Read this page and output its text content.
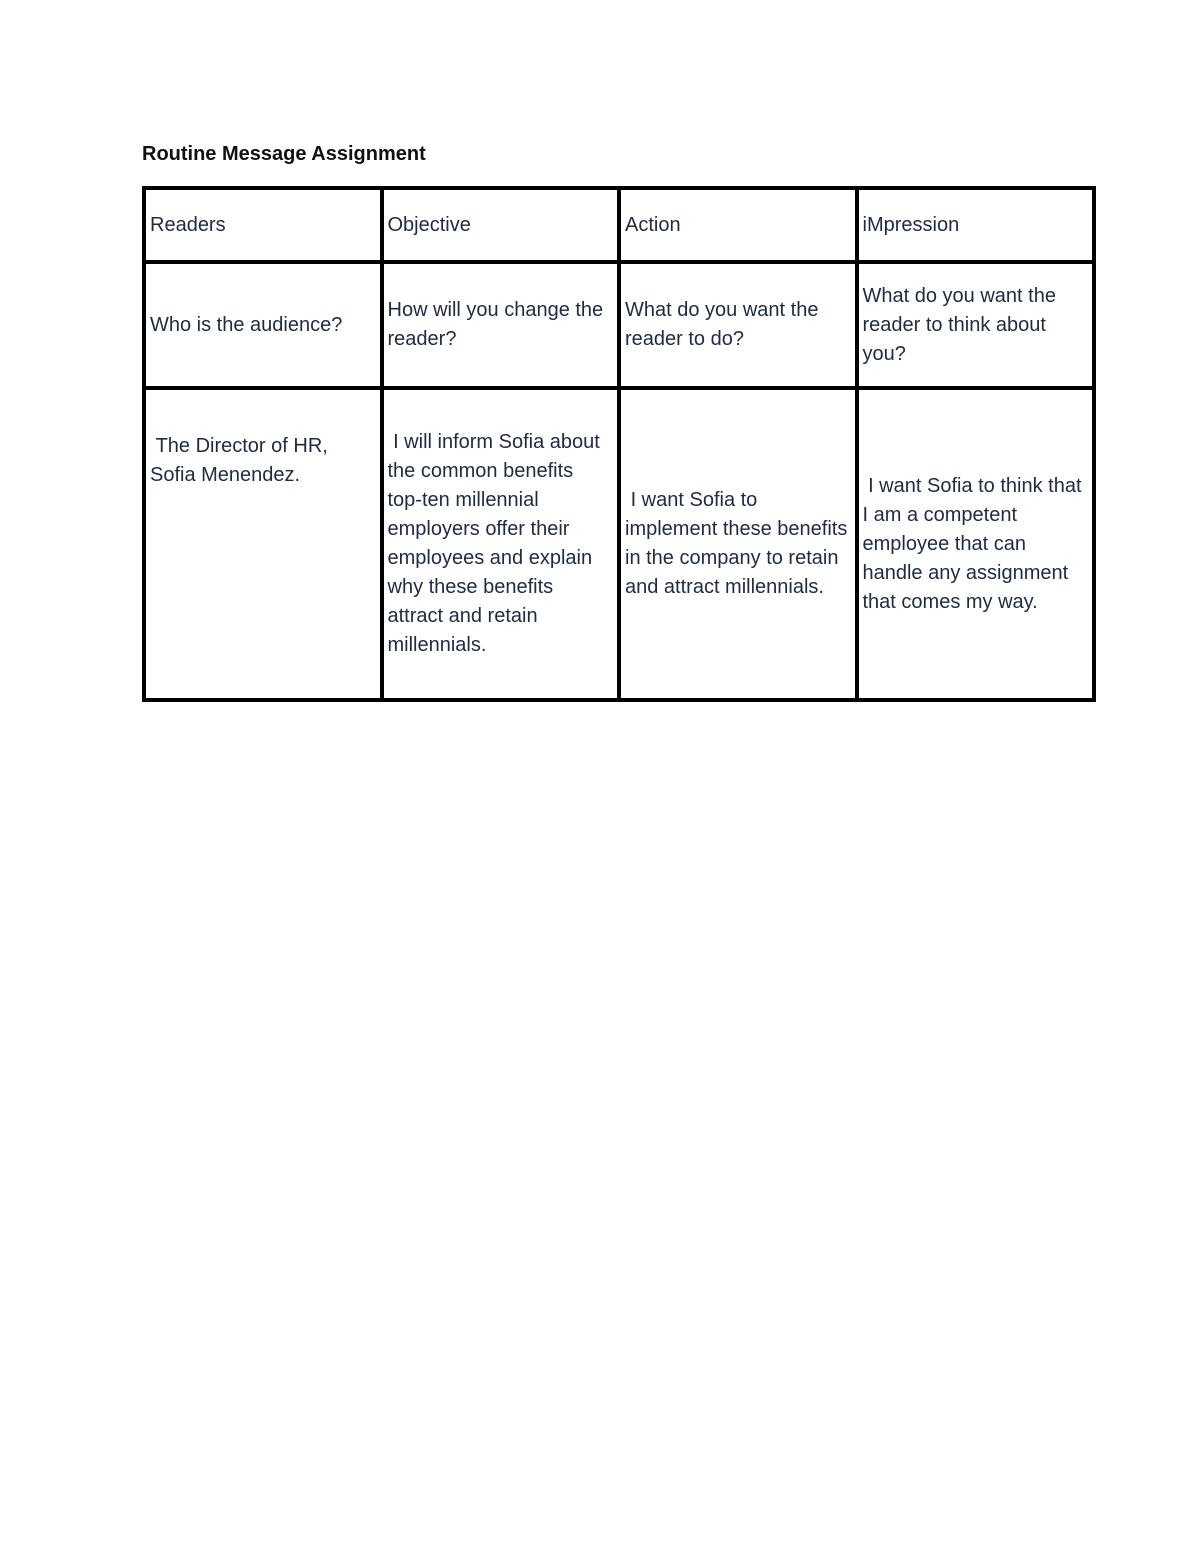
Routine Message Assignment
Readers	Objective	Action	iMpression
Who is the audience?	How will you change the reader?	What do you want the reader to do?	What do you want the reader to think about you?
The Director of HR, Sofia Menendez.	I will inform Sofia about the common benefits top-ten millennial employers offer their employees and explain why these benefits attract and retain millennials.	I want Sofia to implement these benefits in the company to retain and attract millennials.	I want Sofia to think that I am a competent employee that can handle any assignment that comes my way.
